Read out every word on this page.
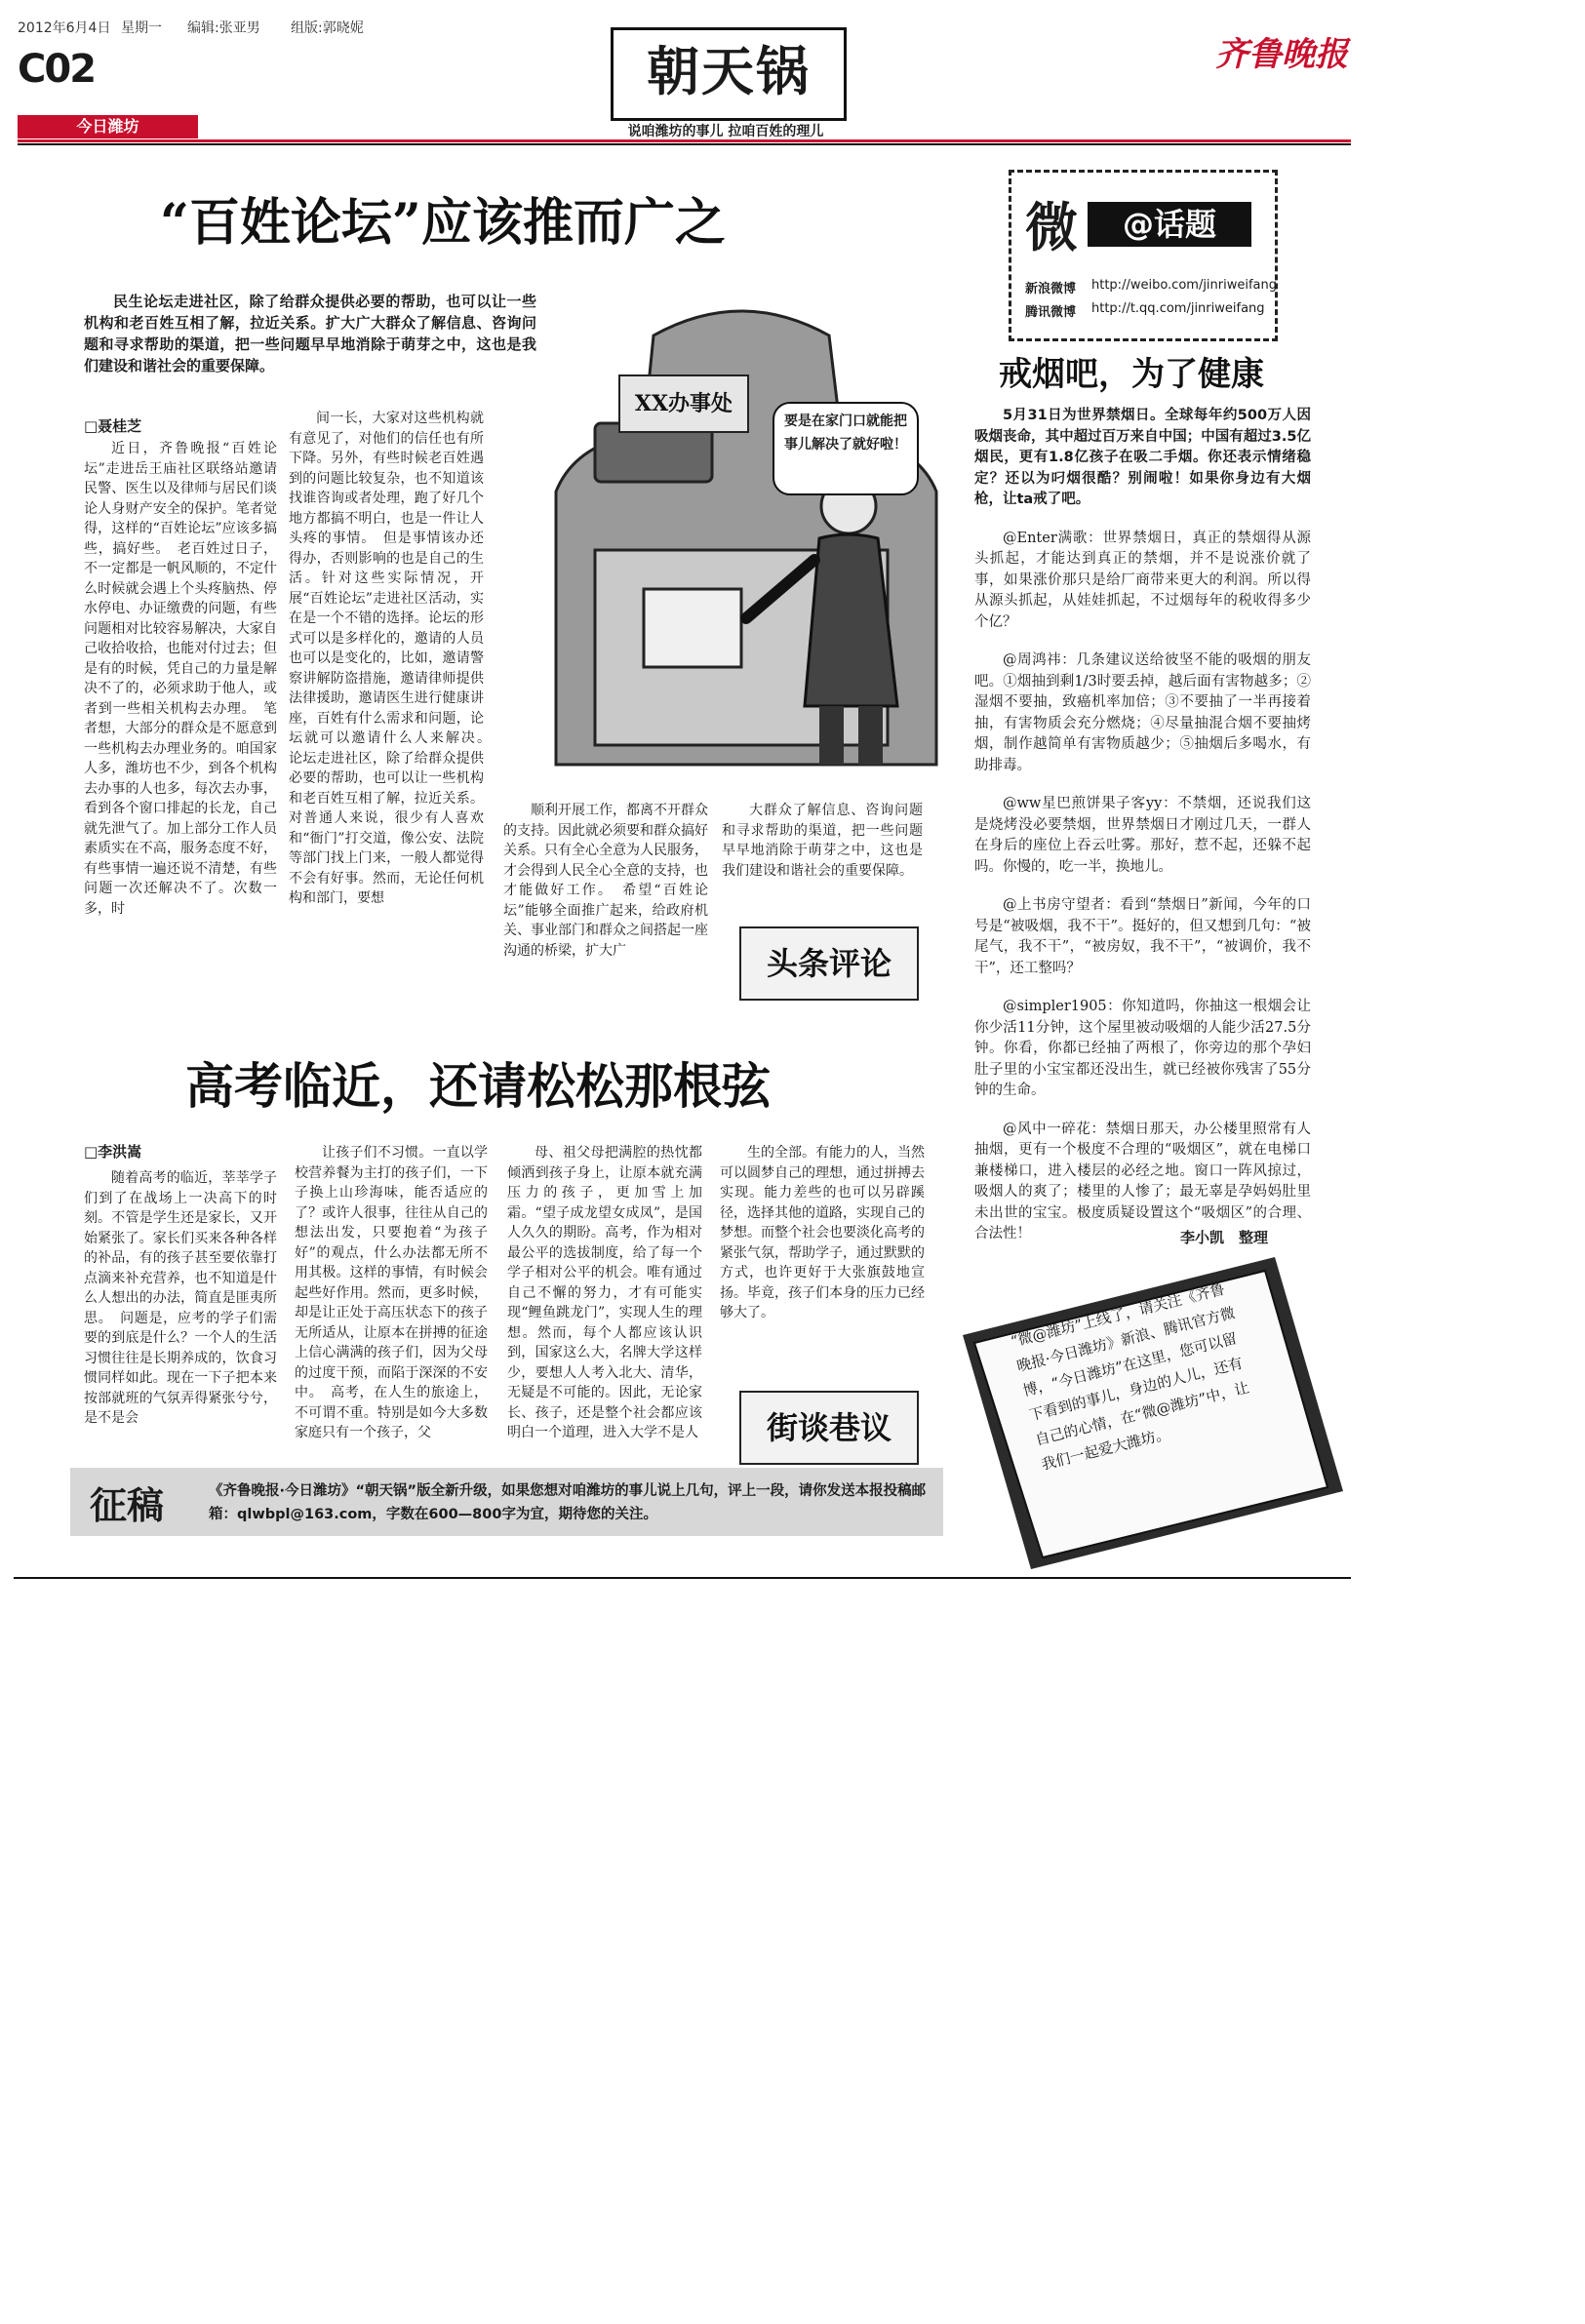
2012年6月4日 星期一 编辑:张亚男 组版:郭晓妮
C02
今日潍坊
朝天锅
说咱潍坊的事儿 拉咱百姓的理儿
齐鲁晚报
“百姓论坛”应该推而广之

民生论坛走进社区，除了给群众提供必要的帮助，也可以让一些机构和老百姓互相了解，拉近关系。扩大广大群众了解信息、咨询问题和寻求帮助的渠道，把一些问题早早地消除于萌芽之中，这也是我们建设和谐社会的重要保障。

□聂桂芝

近日，齐鲁晚报“百姓论坛”走进岳王庙社区联络站邀请民警、医生以及律师与居民们谈论人身财产安全的保护。笔者觉得，这样的“百姓论坛”应该多搞些，搞好些。　老百姓过日子，不一定都是一帆风顺的，不定什么时候就会遇上个头疼脑热、停水停电、办证缴费的问题，有些问题相对比较容易解决，大家自己收拾收拾，也能对付过去；但是有的时候，凭自己的力量是解决不了的，必须求助于他人，或者到一些相关机构去办理。　笔者想，大部分的群众是不愿意到一些机构去办理业务的。咱国家人多，潍坊也不少，到各个机构去办事的人也多，每次去办事，看到各个窗口排起的长龙，自己就先泄气了。加上部分工作人员素质实在不高，服务态度不好，有些事情一遍还说不清楚，有些问题一次还解决不了。次数一多，时

间一长，大家对这些机构就有意见了，对他们的信任也有所下降。另外，有些时候老百姓遇到的问题比较复杂，也不知道该找谁咨询或者处理，跑了好几个地方都搞不明白，也是一件让人头疼的事情。　但是事情该办还得办，否则影响的也是自己的生活。针对这些实际情况，开展“百姓论坛”走进社区活动，实在是一个不错的选择。论坛的形式可以是多样化的，邀请的人员也可以是变化的，比如，邀请警察讲解防盗措施，邀请律师提供法律援助，邀请医生进行健康讲座，百姓有什么需求和问题，论坛就可以邀请什么人来解决。　论坛走进社区，除了给群众提供必要的帮助，也可以让一些机构和老百姓互相了解，拉近关系。对普通人来说，很少有人喜欢和“衙门”打交道，像公安、法院等部门找上门来，一般人都觉得不会有好事。然而，无论任何机构和部门，要想

顺利开展工作，都离不开群众的支持。因此就必须要和群众搞好关系。只有全心全意为人民服务，才会得到人民全心全意的支持，也才能做好工作。　希望“百姓论坛”能够全面推广起来，给政府机关、事业部门和群众之间搭起一座沟通的桥梁，扩大广

大群众了解信息、咨询问题和寻求帮助的渠道，把一些问题早早地消除于萌芽之中，这也是我们建设和谐社会的重要保障。

XX办事处
要是在家门口就能把事儿解决了就好啦！
头条评论
高考临近，还请松松那根弦
□李洪嵩

随着高考的临近，莘莘学子们到了在战场上一决高下的时刻。不管是学生还是家长，又开始紧张了。家长们买来各种各样的补品，有的孩子甚至要依靠打点滴来补充营养，也不知道是什么人想出的办法，简直是匪夷所思。　问题是，应考的学子们需要的到底是什么？一个人的生活习惯往往是长期养成的，饮食习惯同样如此。现在一下子把本来按部就班的气氛弄得紧张兮兮，是不是会

让孩子们不习惯。一直以学校营养餐为主打的孩子们，一下子换上山珍海味，能否适应的了？或许人很事，往往从自己的想法出发，只要抱着“为孩子好”的观点，什么办法都无所不用其极。这样的事情，有时候会起些好作用。然而，更多时候，却是让正处于高压状态下的孩子无所适从，让原本在拼搏的征途上信心满满的孩子们，因为父母的过度干预，而陷于深深的不安中。　高考，在人生的旅途上，不可谓不重。特别是如今大多数家庭只有一个孩子，父

母、祖父母把满腔的热忱都倾洒到孩子身上，让原本就充满压力的孩子，更加雪上加霜。“望子成龙望女成凤”，是国人久久的期盼。高考，作为相对最公平的选拔制度，给了每一个学子相对公平的机会。唯有通过自己不懈的努力，才有可能实现“鲤鱼跳龙门”，实现人生的理想。然而，每个人都应该认识到，国家这么大，名牌大学这样少，要想人人考入北大、清华，无疑是不可能的。因此，无论家长、孩子，还是整个社会都应该明白一个道理，进入大学不是人

生的全部。有能力的人，当然可以圆梦自己的理想，通过拼搏去实现。能力差些的也可以另辟蹊径，选择其他的道路，实现自己的梦想。而整个社会也要淡化高考的紧张气氛，帮助学子，通过默默的方式，也许更好于大张旗鼓地宣扬。毕竟，孩子们本身的压力已经够大了。

街谈巷议
微	@话题
新浪微博 http://weibo.com/jinriweifang
腾讯微博 http://t.qq.com/jinriweifang
戒烟吧，为了健康

5月31日为世界禁烟日。全球每年约500万人因吸烟丧命，其中超过百万来自中国；中国有超过3.5亿烟民，更有1.8亿孩子在吸二手烟。你还表示情绪稳定？还以为叼烟很酷？别闹啦！如果你身边有大烟枪，让ta戒了吧。

@Enter满歌：世界禁烟日，真正的禁烟得从源头抓起，才能达到真正的禁烟，并不是说涨价就了事，如果涨价那只是给厂商带来更大的利润。所以得从源头抓起，从娃娃抓起，不过烟每年的税收得多少个亿？

@周鸿祎：几条建议送给彼坚不能的吸烟的朋友吧。①烟抽到剩1/3时要丢掉，越后面有害物越多；②湿烟不要抽，致癌机率加倍；③不要抽了一半再接着抽，有害物质会充分燃烧；④尽量抽混合烟不要抽烤烟，制作越简单有害物质越少；⑤抽烟后多喝水，有助排毒。

@ww星巴煎饼果子客yy：不禁烟，还说我们这是烧烤没必要禁烟，世界禁烟日才刚过几天，一群人在身后的座位上吞云吐雾。那好，惹不起，还躲不起吗。你慢的，吃一半，换地儿。

@上书房守望者：看到“禁烟日”新闻，今年的口号是“被吸烟，我不干”。挺好的，但又想到几句：“被尾气，我不干”，“被房奴，我不干”，“被调价，我不干”，还工整吗？

@simpler1905：你知道吗，你抽这一根烟会让你少活11分钟，这个屋里被动吸烟的人能少活27.5分钟。你看，你都已经抽了两根了，你旁边的那个孕妇肚子里的小宝宝都还没出生，就已经被你残害了55分钟的生命。

@风中一碎花：禁烟日那天，办公楼里照常有人抽烟，更有一个极度不合理的“吸烟区”，就在电梯口兼楼梯口，进入楼层的必经之地。窗口一阵风掠过，吸烟人的爽了；楼里的人惨了；最无辜是孕妈妈肚里未出世的宝宝。极度质疑设置这个“吸烟区”的合理、合法性！	李小凯　整理
“微@潍坊”上线了，请关注《齐鲁晚报·今日潍坊》新浪、腾讯官方微博，“今日潍坊”在这里，您可以留下看到的事儿，身边的人儿，还有自己的心情，在“微@潍坊”中，让我们一起爱大潍坊。
征稿	《齐鲁晚报·今日潍坊》“朝天锅”版全新升级，如果您想对咱潍坊的事儿说上几句，评上一段，请你发送本报投稿邮箱：qlwbpl@163.com，字数在600—800字为宜，期待您的关注。
